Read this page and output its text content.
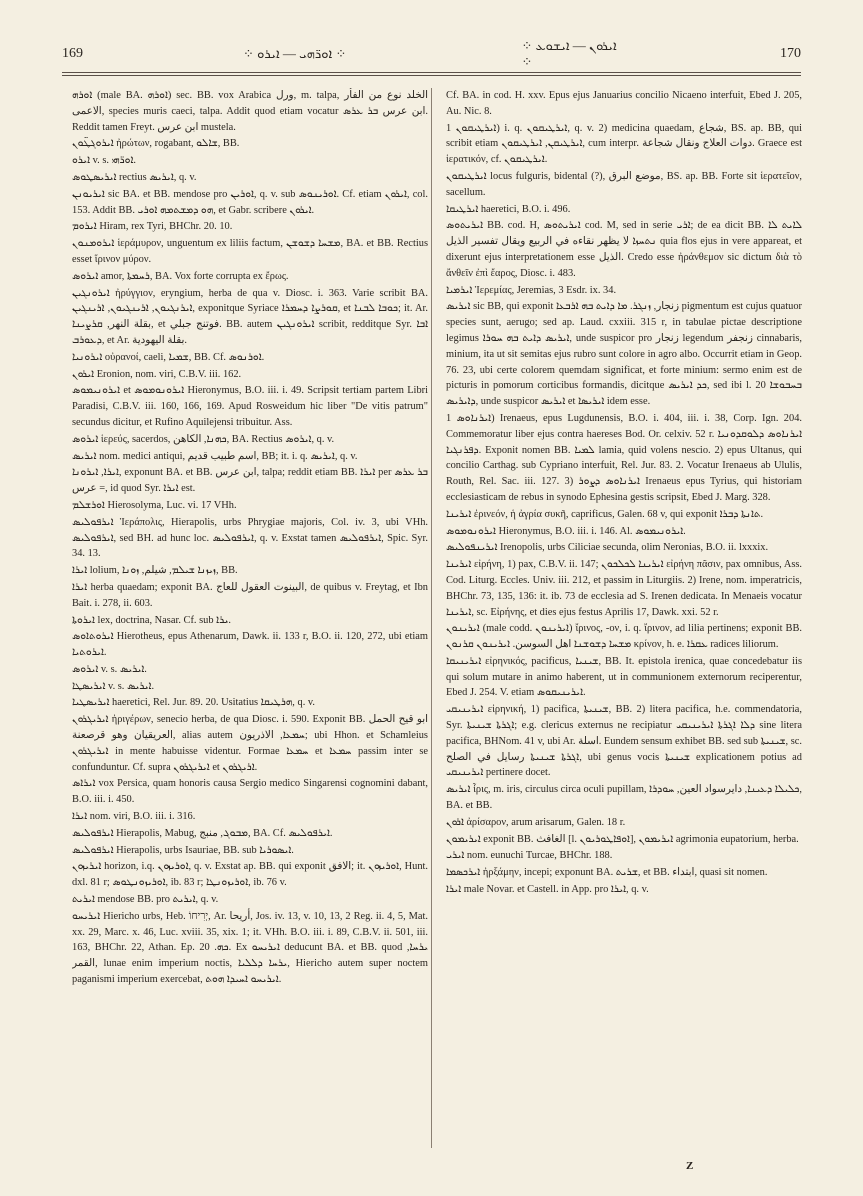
169	⁘ ܐܘܪ̈ܗܝ — ܐܝܪܘ ⁘
⁘ ܐܝܪܘܢ — ܐܝܫܘܥ ⁘
170

ܐܘܪܗ (male BA. ܐܘܪܗ) sec. BB. vox Arabica ورل, m. talpa, الخلد نوع من الفأر الاعمى, species muris caeci, talpa. Addit quod etiam vocatur ابن عرس ܒܪ ܥܪܣ. Reddit tamen Freyt. ابن عرس mustela.

ܐܝܪܘܓܛ̈ܘܢ ἠρώτων, rogabant, ܫܐܠܘ, BB.

ܐܝܪܘ v. s. ܐܘܪ̈ܗܝ.

ܐܝܪܝܣܛܘܣ rectius ܐܝܪܝܣ, q. v.

ܐܝܪܝܘܢܢ sic BA. et BB. mendose pro ܐܘܪܝܢ, q. v. sub ܐܘܪܝܢܘܣ. Cf. etiam ܐܝܪܘܢ, col. 153. Addit BB. ܗܘ ܕܡܫܬܡܗ ܐܘܪܝ, et Gabr. scribere ܐܝܪܘܢ.

ܐܝܪܘܡ Hiram, rex Tyri, BHChr. 20. 10.

ܐܝܪܘܡܢܘܢ ἱεράμυρον, unguentum ex liliis factum, ܡܫܚܐ ܕܫܘܫܢ, BA. et BB. Rectius esset ἵρινον μύρον.

ܐܝܪܘܣ amor, ܪܚܡܬܐ, BA. Vox forte corrupta ex ἔρως.

ܐܝܪܘܢܓܝܢ ἠρύγγιον, eryngium, herba de qua v. Diosc. i. 363. Varie scribit BA. ܐܝܪܢܓܝܘܢ, ܐܪܝܢܓܝܘܢ, ܐܪܝܢܓܝܢ, exponitque Syriace ܩܘܪܨܐ ܕܚܡܪܐ, et ܟܘܒܐ ܠܒܢܐ; it. Ar. بقلة النهر, ܩܪܨܝܢܐ, et فوتنج جبلي. BB. autem ܐܝܪܘܢܓܝܢ scribit, redditque Syr. ܐܒܐ ܕܥܘܪܒ, et Ar. بقلة اليهودية.

ܐܝܪܘܢܝܐ οὐρανοί, caeli, ܫܡܝܐ, BB. Cf. ܐܘܪܢܘܣ.

ܐܝܪܘܢ Eronion, nom. viri, C.B.V. iii. 162.

ܐܝܪܘܢܝܡܘܣ et ܐܝܪܘܢܘܡܘܣ Hieronymus, B.O. iii. i. 49. Scripsit tertiam partem Libri Paradisi, C.B.V. iii. 160, 166, 169. Apud Rosweidum hic liber "De vitis patrum" secundus dicitur, et Rufino Aquilejensi tribuitur. Ass.

ܐܝܪܘܣ ἱερεύς, sacerdos, ܟܗܢܐ, الكاهن, BA. Rectius ܐܝܪܘܣ, q. v.

ܐܝܪܝܣ nom. medici antiqui, اسم طبيب قديم, BB; it. i. q. ܐܝܪܝܣ, q. v.

ܐܝܪܐ, ܐܝܪܘܢܐ, exponunt BA. et BB. ابن عرس, talpa; reddit etiam BB. ܐܝܪܐ per ܒܪ ܥܪܣ = عرس, id quod Syr. ܐܝܪܐ est.

ܐܘܪܫܠܡ Hierosolyma, Luc. vi. 17 VHh.

ܐܝܪܦܘܠܝܣ Ἱεράπολις, Hierapolis, urbs Phrygiae majoris, Col. iv. 3, ubi VHh. ܐܝܪܦܘܠܝܣ, sed BH. ad hunc loc. ܐܝܪܦܘܠܝܣ, q. v. Exstat tamen ܐܝܪܦܘܠܝܣ, Spic. Syr. 34. 13.

ܐܝܪܐ lolium, ܙܝܙܢܐ ܫܝܠܡ, شيلم, ܙܘܢܐ, BB.

ܐܝܪܐ herba quaedam; exponit BA. البينوت العقول للعاج, de quibus v. Freytag, et Ibn Bait. i. 278, ii. 603.

ܐܝܪܘܬܐ lex, doctrina, Nasar. Cf. sub ܝܪܐ.

ܐܝܪܘܬܐܘܣ Hierotheus, epus Athenarum, Dawk. ii. 133 r, B.O. ii. 120, 272, ubi etiam ܐܝܪܘܬܝܐ.

ܐܝܪܘܣ v. s. ܐܝܪܝܣ.

ܐܝܪܝܣܛܐ v. s. ܐܝܪܝܣ.

ܐܝܪܝܣܛܝܐ haeretici, Rel. Jur. 89. 20. Usitatius ܗܪܛܝܩܐ, q. v.

ܐܝܪܝܓܪܘܢ ἠριγέρων, senecio herba, de qua Diosc. i. 590. Exponit BB. ابو قيح الحمل العريقيان وهو قرصعنة, alias autem ܚܡܥܐ, الاذريون; ubi Hhon. et Schamleius ܐܝܪܝܓܪܘܢ in mente habuisse videntur. Formae ܚܡܥܐ et ܚܡܥܐ passim inter se confunduntur. Cf. supra ܐܝܪܝܓܪܘܢ et ܐܪܝܓܪܘܢ.

ܐܝܪܐܣ vox Persica, quam honoris causa Sergio medico Singarensi cognomini dabant, B.O. iii. i. 450.

ܐܝܪܐ nom. viri, B.O. iii. i. 316.

ܐܝܪܦܘܠܝܣ Hierapolis, Mabug, ܡܒܘܓ, منبج, BA. Cf. ܐܝܪܦܘܠܝܣ.

ܐܝܪܦܘܠܝܣ Hierapolis, urbs Isauriae, BB. sub ܐܝܣܘܪܝܐ.

ܐܝܪܝܙܘܢ horizon, i.q. ܐܘܪܝܙܘܢ, q. v. Exstat ap. BB. qui exponit الافق; it. ܐܘܪܝܙܘܢ, Hunt. dxl. 81 r; ܐܘܪܝܙܘܢܛܘܣ, ib. 83 r; ܐܘܪܝܙܘܢܛܐ, ib. 76 v.

ܐܝܪܝܬ mendose BB. pro ܐܝܪܝܬ, q. v.

ܐܝܪܝܚܘ Hiericho urbs, Heb. יְרִיחוֹ, Ar. أريحا, Jos. iv. 13, v. 10, 13, 2 Reg. ii. 4, 5, Mat. xx. 29, Marc. x. 46, Luc. xviii. 35, xix. 1; it. VHh. B.O. iii. i. 89, C.B.V. ii. 501, iii. 163, BHChr. 22, Athan. Ep. ܟܗ. 20. Ex ܐܝܪܝܚܘ deducunt BA. et BB. quod ܝܪܚܐ, القمر, lunae enim imperium noctis, ܝܪܚܐ ܕܠܠܝܐ, Hiericho autem super noctem paganismi imperium exercebat, ܐܝܪܝܚܘ ܐܚܝܕܐ ܗܘܬ.

Cf. BA. in cod. H. xxv. Epus ejus Januarius concilio Nicaeno interfuit, Ebed J. 205, Au. Nic. 8.

ܐܝܪܛܝܩܘܢ 1) i. q. ܐܝܪܛܝܩܘܢ, q. v. 2) medicina quaedam, شجاع, BS. ap. BB, qui scribit etiam ܐܝܪܛܝܩܢ, ܐܝܪܛܝܩܘܢ, cum interpr. دوات العلاج ونقال شجاعة. Graece est ἱερατικόν, cf. ܐܝܪܛܝܩܘܢ.

ܐܝܪܛܝܩܘܢ locus fulguris, bidental (?), موضع البرق, BS. ap. BB. Forte sit ἱερατεῖον, sacellum.

ܐܝܪܛܝܩܐ haeretici, B.O. i. 496.

ܐܝܪܝܬܘܣ BB. cod. H, ܐܝܪܝܬܘܣ cod. M, sed in serie ܐܪܝ; de ea dicit BB. ܠܐܝܬ ܠܐ ܢܬܚܙܐ لا يظهر نقاءه في الربيع ويقال تفسير الذيل quia flos ejus in vere appareat, et dixerunt ejus interpretationem esse الذيل. Credo esse ἠράνθεμον sic dictum διὰ τὸ ἄνθεῖν ἐπὶ ἔαρος, Diosc. i. 483.

ܐܝܪܡܝܐ Ἱερεμίας, Jeremias, 3 Esdr. ix. 34.

ܐܝܪܝܣ sic BB, qui exponit زنجار, ܙܢܓܪ. ܡܐ ܕܐܝܬ ܒܗ ܐܪܒܥܐ pigmentum est cujus quatuor species sunt, aerugo; sed ap. Laud. cxxiii. 315 r, in tabulae pictae descriptione legimus ܐܝܪܝܣ ܕܐܝܬ ܒܗ ܚܘܪܐ, unde suspicor pro زنجار legendum زنجفر cinnabaris, minium, ita ut sit semitas ejus rubro sunt colore in agro albo. Occurrit etiam in Geop. 76. 23, ubi certe colorem quemdam significat, et forte minium: sermo enim est de picturis in pomorum corticibus formandis, dicitque ܟܕ ܐܝܪܝܣ, sed ibi l. 20 ܒܚܒܘܫܐ ܕܐܝܪܝܣ, unde suspicor ܐܝܪܝܣ et ܐܝܪܝܣܐ idem esse.

ܐܝܪܢܐܘܣ 1) Irenaeus, epus Lugdunensis, B.O. i. 404, iii. i. 38, Corp. Ign. 204. Commemoratur liber ejus contra haereses Bod. Or. celxiv. 52 r. ܐܝܪܢܐܘܣ ܕܠܘܩܕܘܢܝܐ ܕܦܪܢܓܝܐ. Exponit nomen BB. ܠܡܝܐ lamia, quid volens nescio. 2) epus Ultanus, qui concilio Carthag. sub Cypriano interfuit, Rel. Jur. 83. 2. Vocatur Irenaeus ab Ululis, Routh, Rel. Sac. iii. 127. 3) ܐܝܪܢܐܘܣ ܕܨܘܪ Irenaeus epus Tyrius, qui historiam ecclesiasticam de rebus in synodo Ephesina gestis scripsit, Ebed J. Marg. 328.

ܐܝܪܝܢܐ ἐρινεόν, ἡ ἀγρία συκῆ, caprificus, Galen. 68 v, qui exponit ܬܐܢܬܐ ܕܒܪܐ.

ܐܝܪܘܢܘܡܘܣ Hieronymus, B.O. iii. i. 146. Al. ܐܝܪܘܢܝܡܘܣ.

ܐܝܪܝܢܦܘܠܝܣ Irenopolis, urbs Ciliciae secunda, olim Neronias, B.O. ii. lxxxix.

ܐܝܪܝܢܐ εἰρήνη, 1) pax, C.B.V. ii. 147; ܐܝܪܝܢܐ ܠܟܠܟܘܢ εἰρήνη πᾶσιν, pax omnibus, Ass. Cod. Liturg. Eccles. Univ. iii. 212, et passim in Liturgiis. 2) Irene, nom. imperatricis, BHChr. 73, 135, 136: it. ib. 73 de ecclesia ad S. Irenen dedicata. In Menaeis vocatur ܐܝܪܝܢܐ, sc. Εἰρήνης, et dies ejus festus Aprilis 17, Dawk. xxi. 52 r.

ܐܝܪܝܢܘܢ (male codd. ܐܝܪܝܢܘܢ) ἴρινος, -ον, i. q. ἴρινον, ad lilia pertinens; exponit BB. ܡܫܚܐ ܕܫܘܫܢܐ اهل السوسن. ܐܝܪܝܢܘܢ ܩܪܢܘܢ κρίνον, h. e. ܥܩܪܐ radices liliorum.

ܐܝܪܝܢܝܩܐ εἰρηνικός, pacificus, ܫܝܢܝܐ, BB. It. epistola irenica, quae concedebatur iis qui solum mutare in animo haberent, ut in communionem externorum reciperentur, Ebed J. 254. V. etiam ܐܝܪܝܢܝܩܘܣ.

ܐܝܪܝܢܝܩܝ εἰρηνική, 1) pacifica, ܫܝܢܝܬܐ, BB. 2) litera pacifica, h.e. commendatoria, Syr. ܐܓܪܬܐ ܫܝܢܝܬܐ; e.g. clericus externus ne recipiatur ܕܠܐ ܐܓܪܬܐ ܐܝܪܝܢܝܩܝ sine litera pacifica, BHNom. 41 v, ubi Ar. اسلة. Eundem sensum exhibet BB. sed sub ܫܝܢܝܬܐ, sc. ܐܓܪܬܐ ܫܝܢܝܬܐ رسايل في الصلح, ubi genus vocis ܫܝܢܝܬܐ explicationem potius ad ܐܝܪܝܢܝܩܝ pertinere docet.

ܐܝܪܝܣ ἶρις, m. iris, circulus circa oculi pupillam, ܟܠܝܠܐ ܕܥܝܢܐ, دايرسواد العين, ܚܘܕܪܐ, BA. et BB.

ܐܪܘܢ ἀρίσαρον, arum arisarum, Galen. 18 r.

ܐܝܪܝܡܘܢ exponit BB. الغافث [l. ܐܘܦܐܛܘܪܝܘܢ], ܐܝܪܝܡܘܢ agrimonia eupatorium, herba.

ܐܝܪܝ nom. eunuchi Turcae, BHChr. 188.

ܐܝܪܟܣܡܐ ἠρξάμην, incepi; exponunt BA. ܫܪܝܬ, et BB. ابتداء, quasi sit nomen.

ܐܝܪܐ male Novar. et Castell. in App. pro ܐܝܪܐ, q. v.

Z
